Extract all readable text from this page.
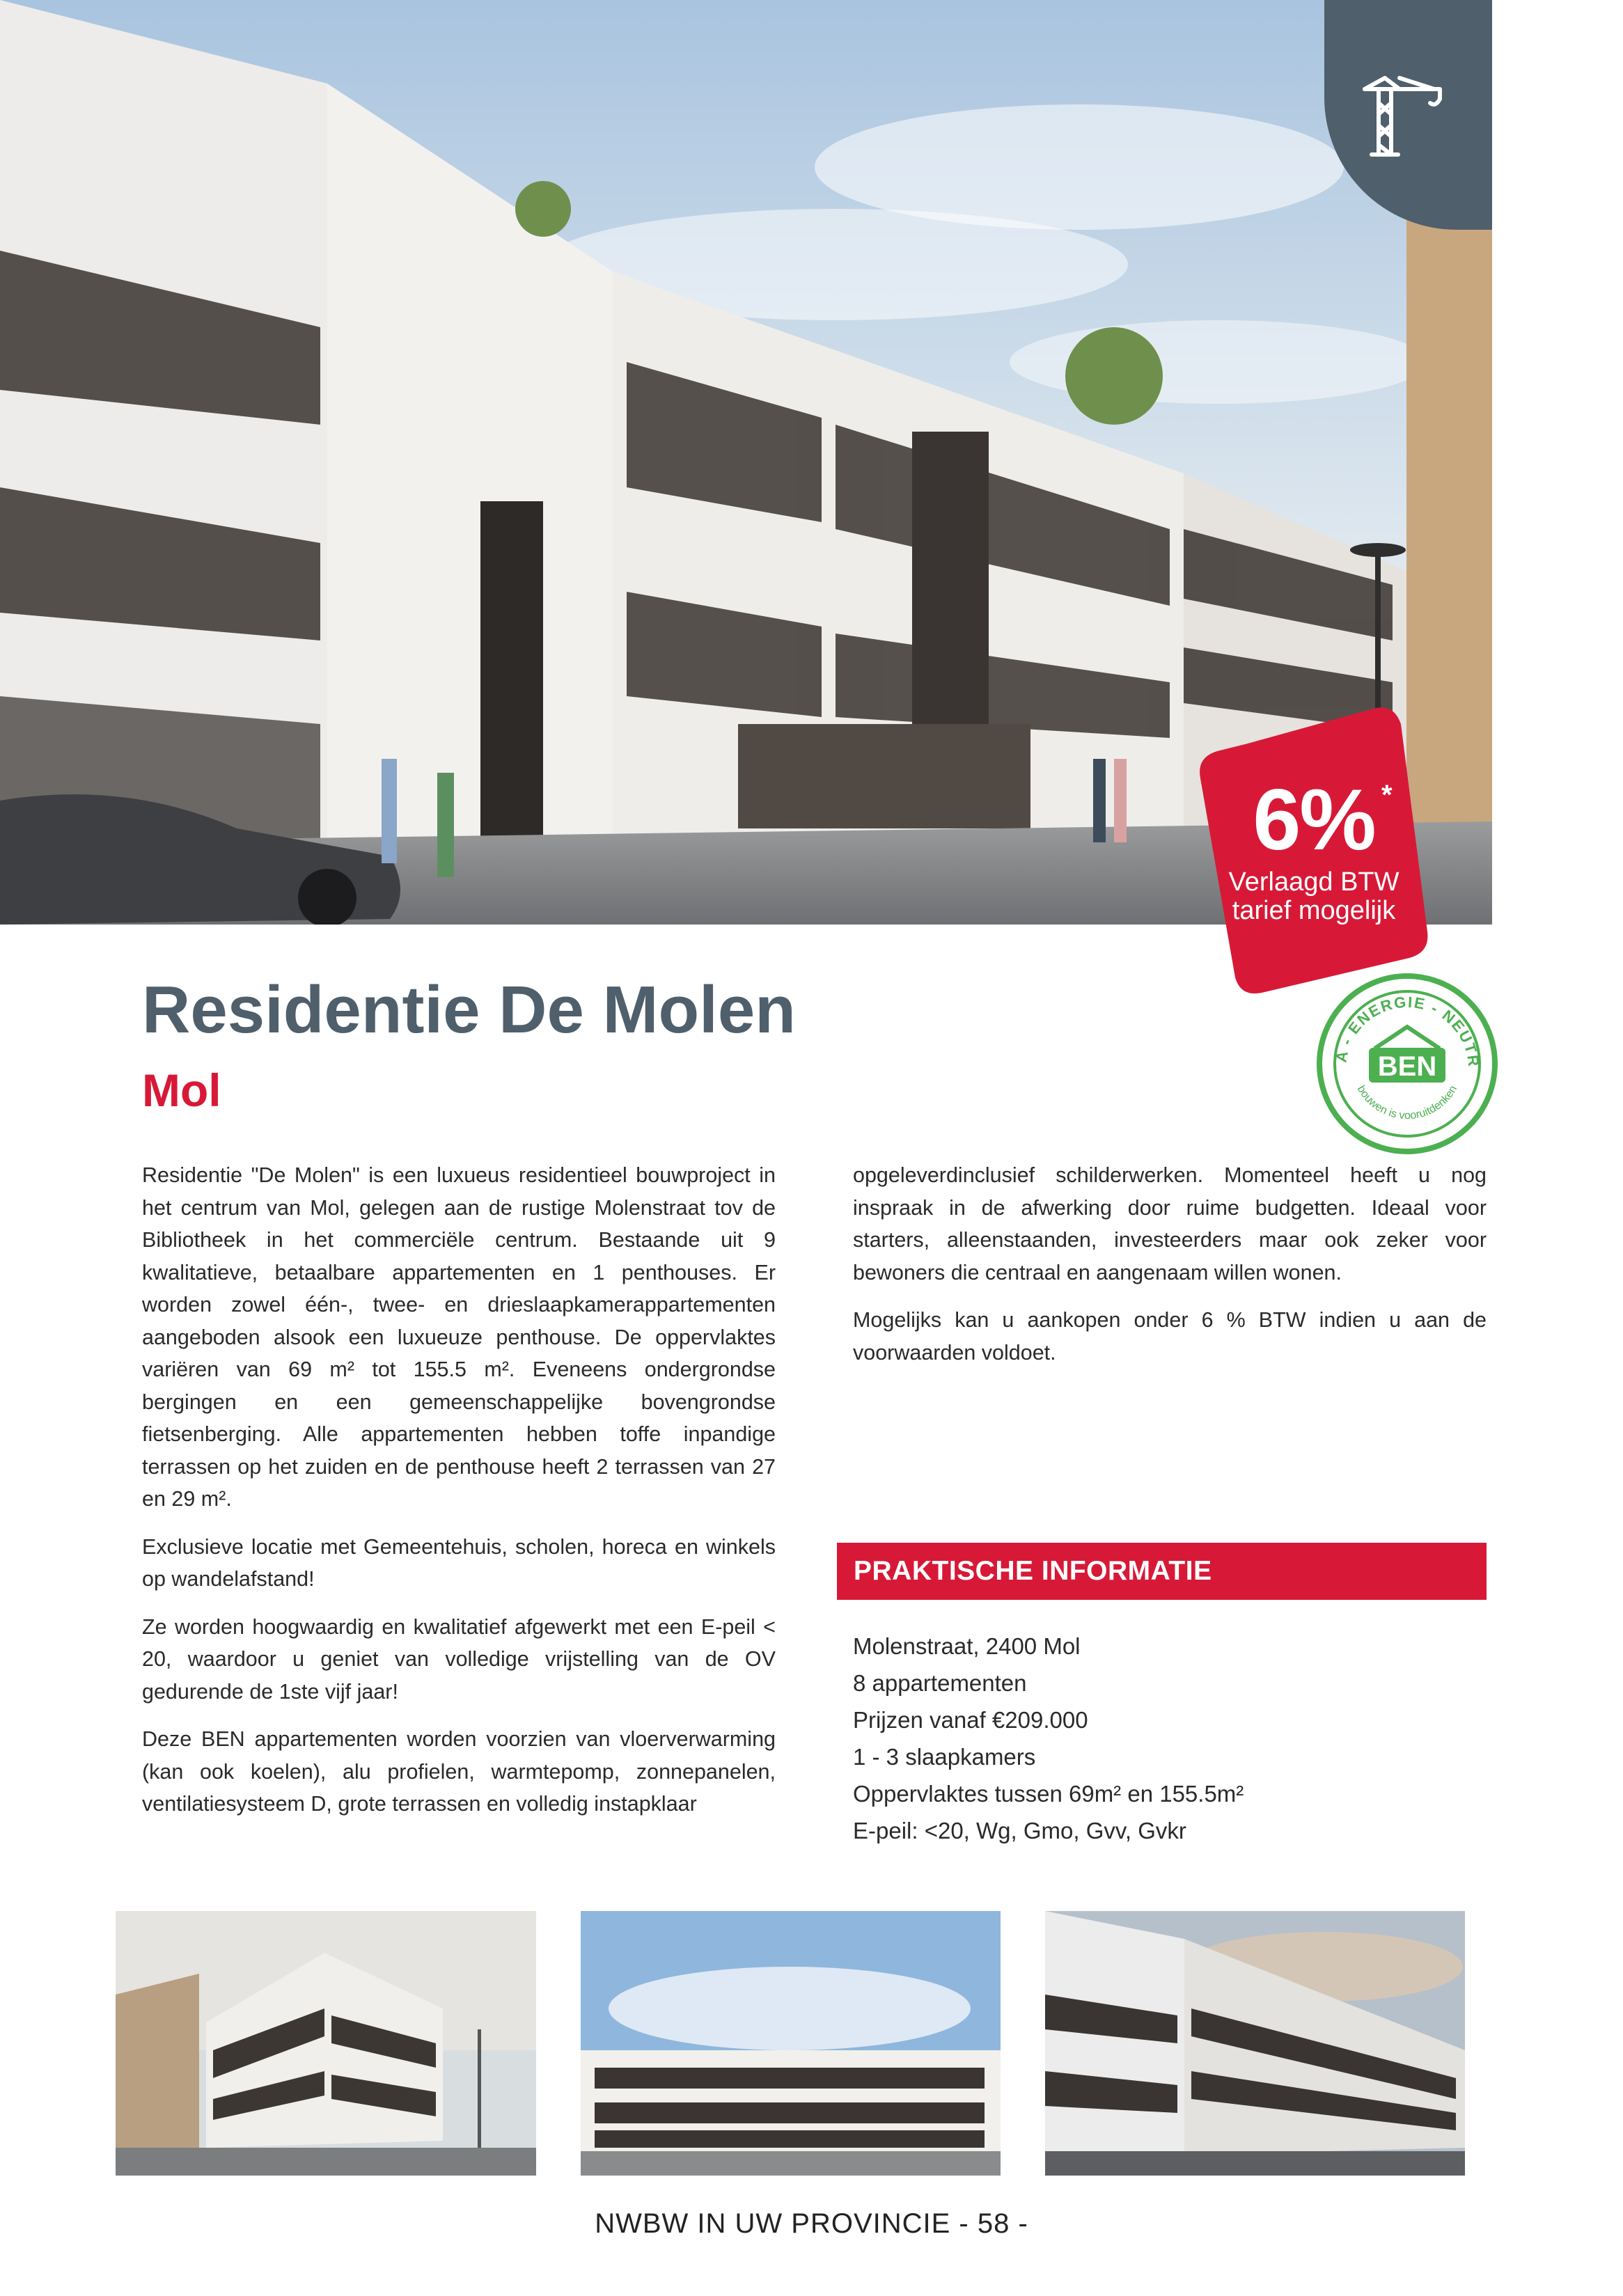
6% *
Verlaagd BTW
tarief mogelijk
A - ENERGIE - NEUTR
BEN
bouwen is vooruitdenken
Residentie De Molen
Mol

Residentie "De Molen" is een luxueus residentieel bouwproject in het centrum van Mol, gelegen aan de rustige Molenstraat tov de Bibliotheek in het commerciële centrum. Bestaande uit 9 kwalitatieve, betaalbare appartementen en 1 penthouses. Er worden zowel één-, twee- en drieslaapkamerappartementen aangeboden alsook een luxueuze penthouse. De oppervlaktes variëren van 69 m² tot 155.5 m². Eveneens ondergrondse bergingen en een gemeenschappelijke bovengrondse fietsenberging. Alle appartementen hebben toffe inpandige terrassen op het zuiden en de penthouse heeft 2 terrassen van 27 en 29 m².

Exclusieve locatie met Gemeentehuis, scholen, horeca en winkels op wandelafstand!

Ze worden hoogwaardig en kwalitatief afgewerkt met een E-peil < 20, waardoor u geniet van volledige vrijstelling van de OV gedurende de 1ste vijf jaar!

Deze BEN appartementen worden voorzien van vloerverwarming (kan ook koelen), alu profielen, warmtepomp, zonnepanelen, ventilatiesysteem D, grote terrassen en volledig instapklaar

opgeleverdinclusief schilderwerken. Momenteel heeft u nog inspraak in de afwerking door ruime budgetten. Ideaal voor starters, alleenstaanden, investeerders maar ook zeker voor bewoners die centraal en aangenaam willen wonen.

Mogelijks kan u aankopen onder 6 % BTW indien u aan de voorwaarden voldoet.

PRAKTISCHE INFORMATIE
Molenstraat, 2400 Mol
8 appartementen
Prijzen vanaf €209.000
1 - 3 slaapkamers
Oppervlaktes tussen 69m² en 155.5m²
E-peil: <20, Wg, Gmo, Gvv, Gvkr
NWBW IN UW PROVINCIE - 58 -
